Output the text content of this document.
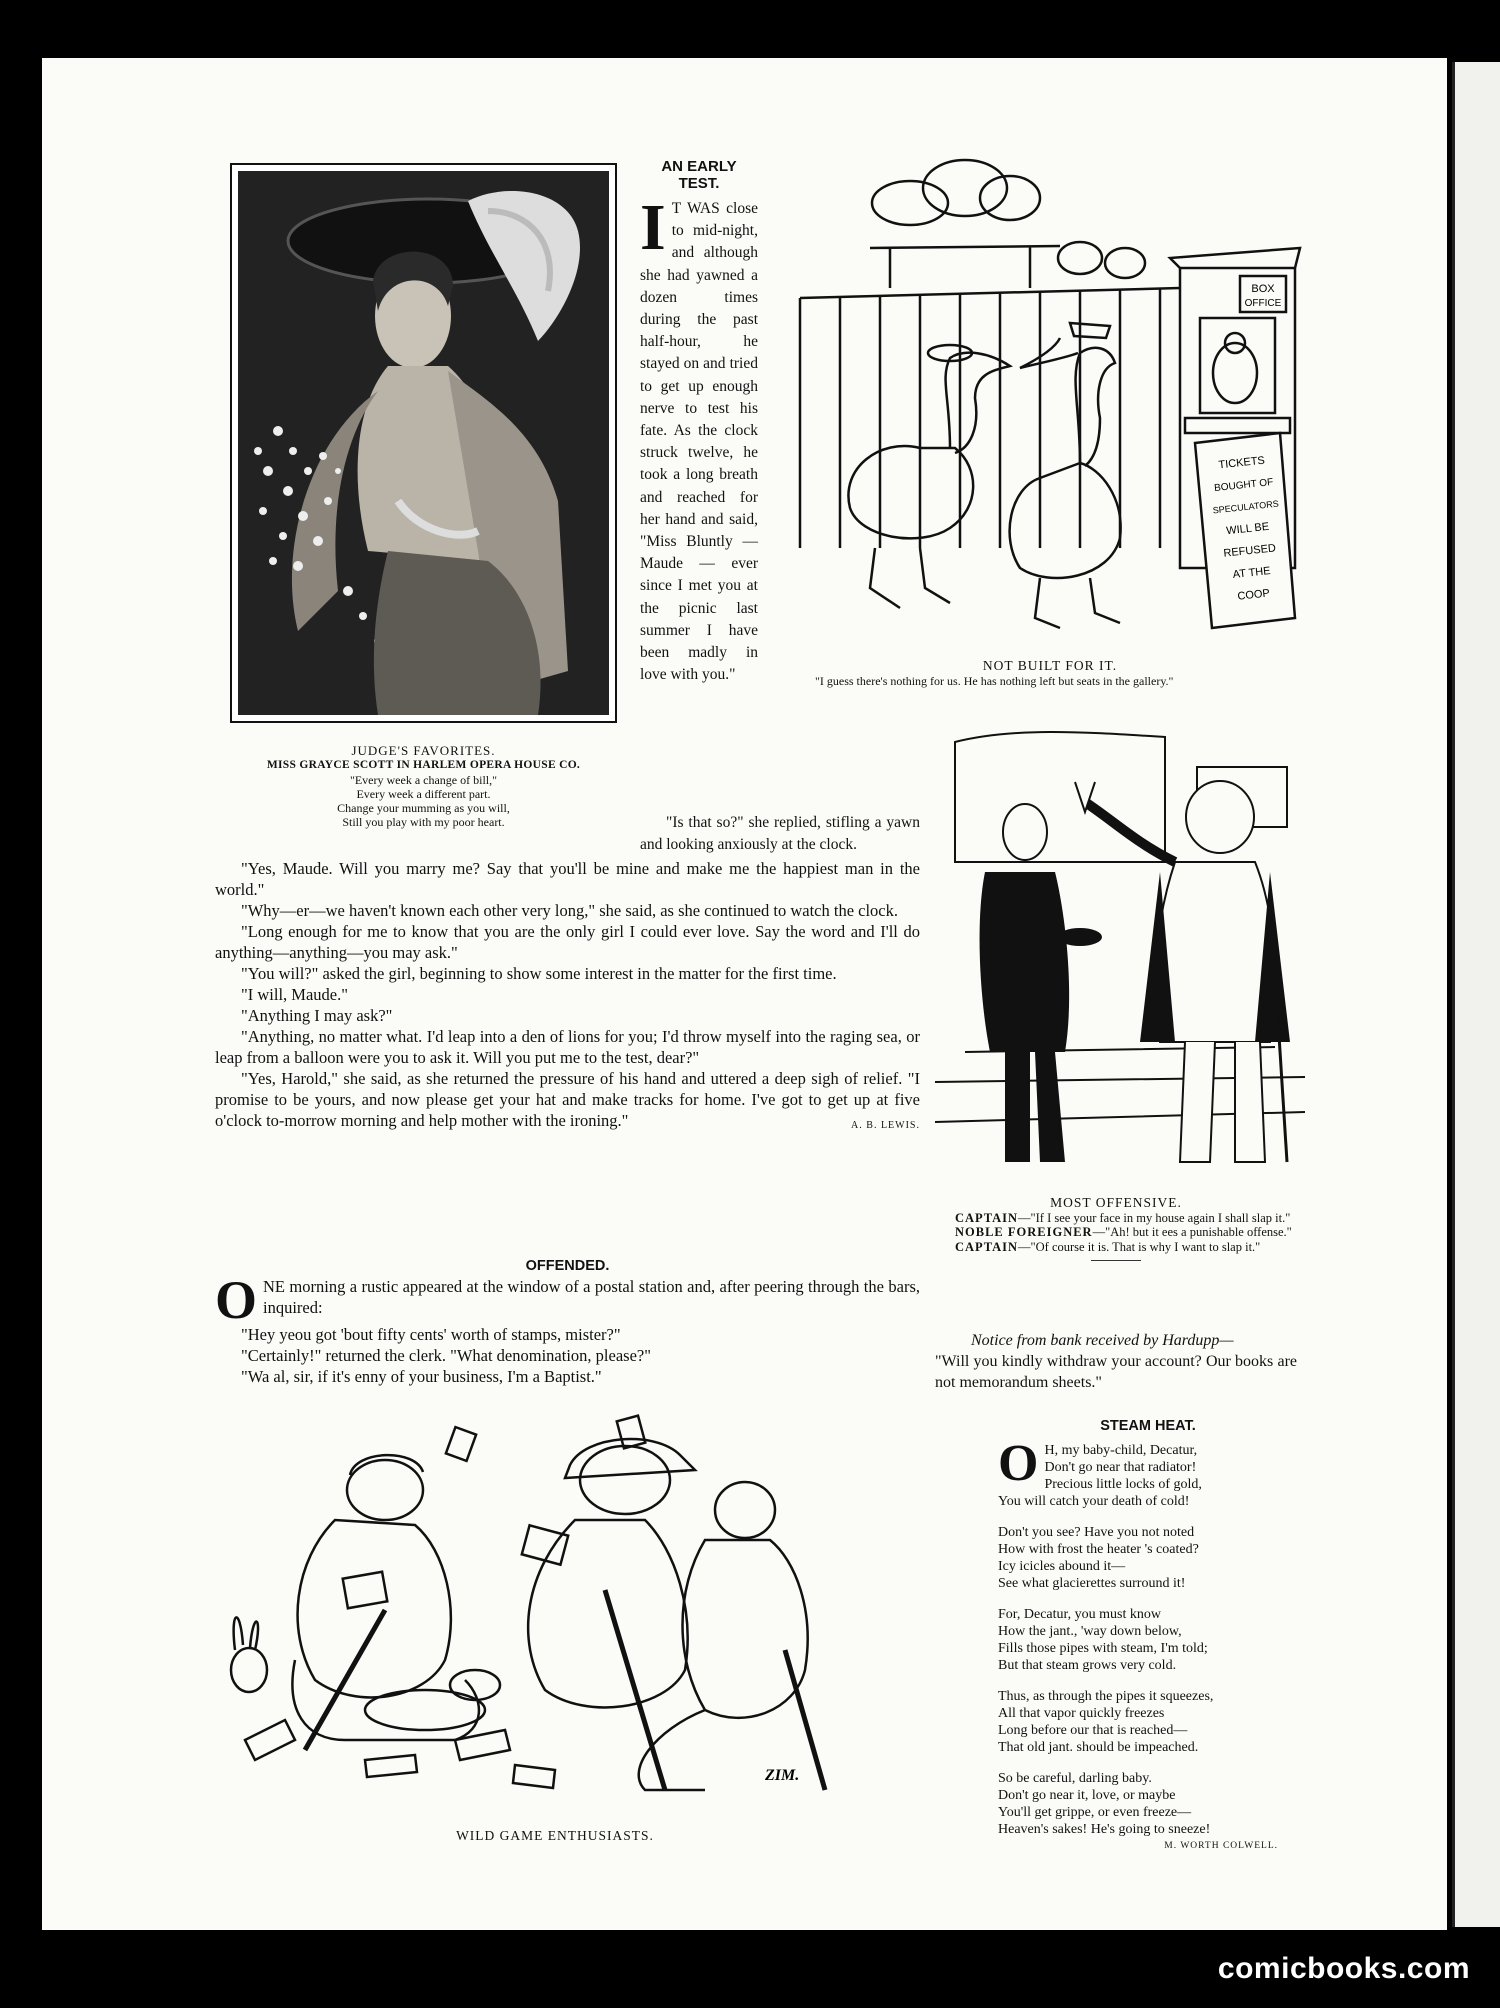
JUDGE'S FAVORITES.
MISS GRAYCE SCOTT IN HARLEM OPERA HOUSE CO.
"Every week a change of bill,"
Every week a different part.
Change your mumming as you will,
Still you play with my poor heart.
AN EARLY
TEST.
I T WAS close to mid-night, and although she had yawned a dozen times during the past half-hour, he stayed on and tried to get up enough nerve to test his fate. As the clock struck twelve, he took a long breath and reached for her hand and said, "Miss Bluntly — Maude — ever since I met you at the picnic last summer I have been madly in love with you."

"Is that so?" she replied, stifling a yawn and looking anxiously at the clock.

"Yes, Maude. Will you marry me? Say that you'll be mine and make me the happiest man in the world."

"Why—er—we haven't known each other very long," she said, as she continued to watch the clock.

"Long enough for me to know that you are the only girl I could ever love. Say the word and I'll do anything—anything—you may ask."

"You will?" asked the girl, beginning to show some interest in the matter for the first time.

"I will, Maude."

"Anything I may ask?"

"Anything, no matter what. I'd leap into a den of lions for you; I'd throw myself into the raging sea, or leap from a balloon were you to ask it. Will you put me to the test, dear?"

"Yes, Harold," she said, as she returned the pressure of his hand and uttered a deep sigh of relief. "I promise to be yours, and now please get your hat and make tracks for home. I've got to get up at five o'clock to-morrow morning and help mother with the ironing."	A. B. LEWIS.
OFFENDED.
ONE morning a rustic appeared at the window of a postal station and, after peering through the bars, inquired:

"Hey yeou got 'bout fifty cents' worth of stamps, mister?"

"Certainly!" returned the clerk. "What denomination, please?"

"Wa al, sir, if it's enny of your business, I'm a Baptist."

TICKETS
BOUGHT OF
SPECULATORS
WILL BE
REFUSED
AT THE
COOP
BOX
OFFICE
NOT BUILT FOR IT.
"I guess there's nothing for us. He has nothing left but seats in the gallery."
MOST OFFENSIVE.
CAPTAIN—"If I see your face in my house again I shall slap it."
NOBLE FOREIGNER—"Ah! but it ees a punishable offense."
CAPTAIN—"Of course it is. That is why I want to slap it."
Notice from bank received by Hardupp—
"Will you kindly withdraw your account? Our books are not memorandum sheets."
STEAM HEAT.

O H, my baby-child, Decatur,
Don't go near that radiator!
Precious little locks of gold,
You will catch your death of cold!

Don't you see? Have you not noted
How with frost the heater 's coated?
Icy icicles abound it—
See what glacierettes surround it!

For, Decatur, you must know
How the jant., 'way down below,
Fills those pipes with steam, I'm told;
But that steam grows very cold.

Thus, as through the pipes it squeezes,
All that vapor quickly freezes
Long before our that is reached—
That old jant. should be impeached.

So be careful, darling baby.
Don't go near it, love, or maybe
You'll get grippe, or even freeze—
Heaven's sakes! He's going to sneeze!

M. WORTH COLWELL.
ZIM.
WILD GAME ENTHUSIASTS.
comicbooks.com
